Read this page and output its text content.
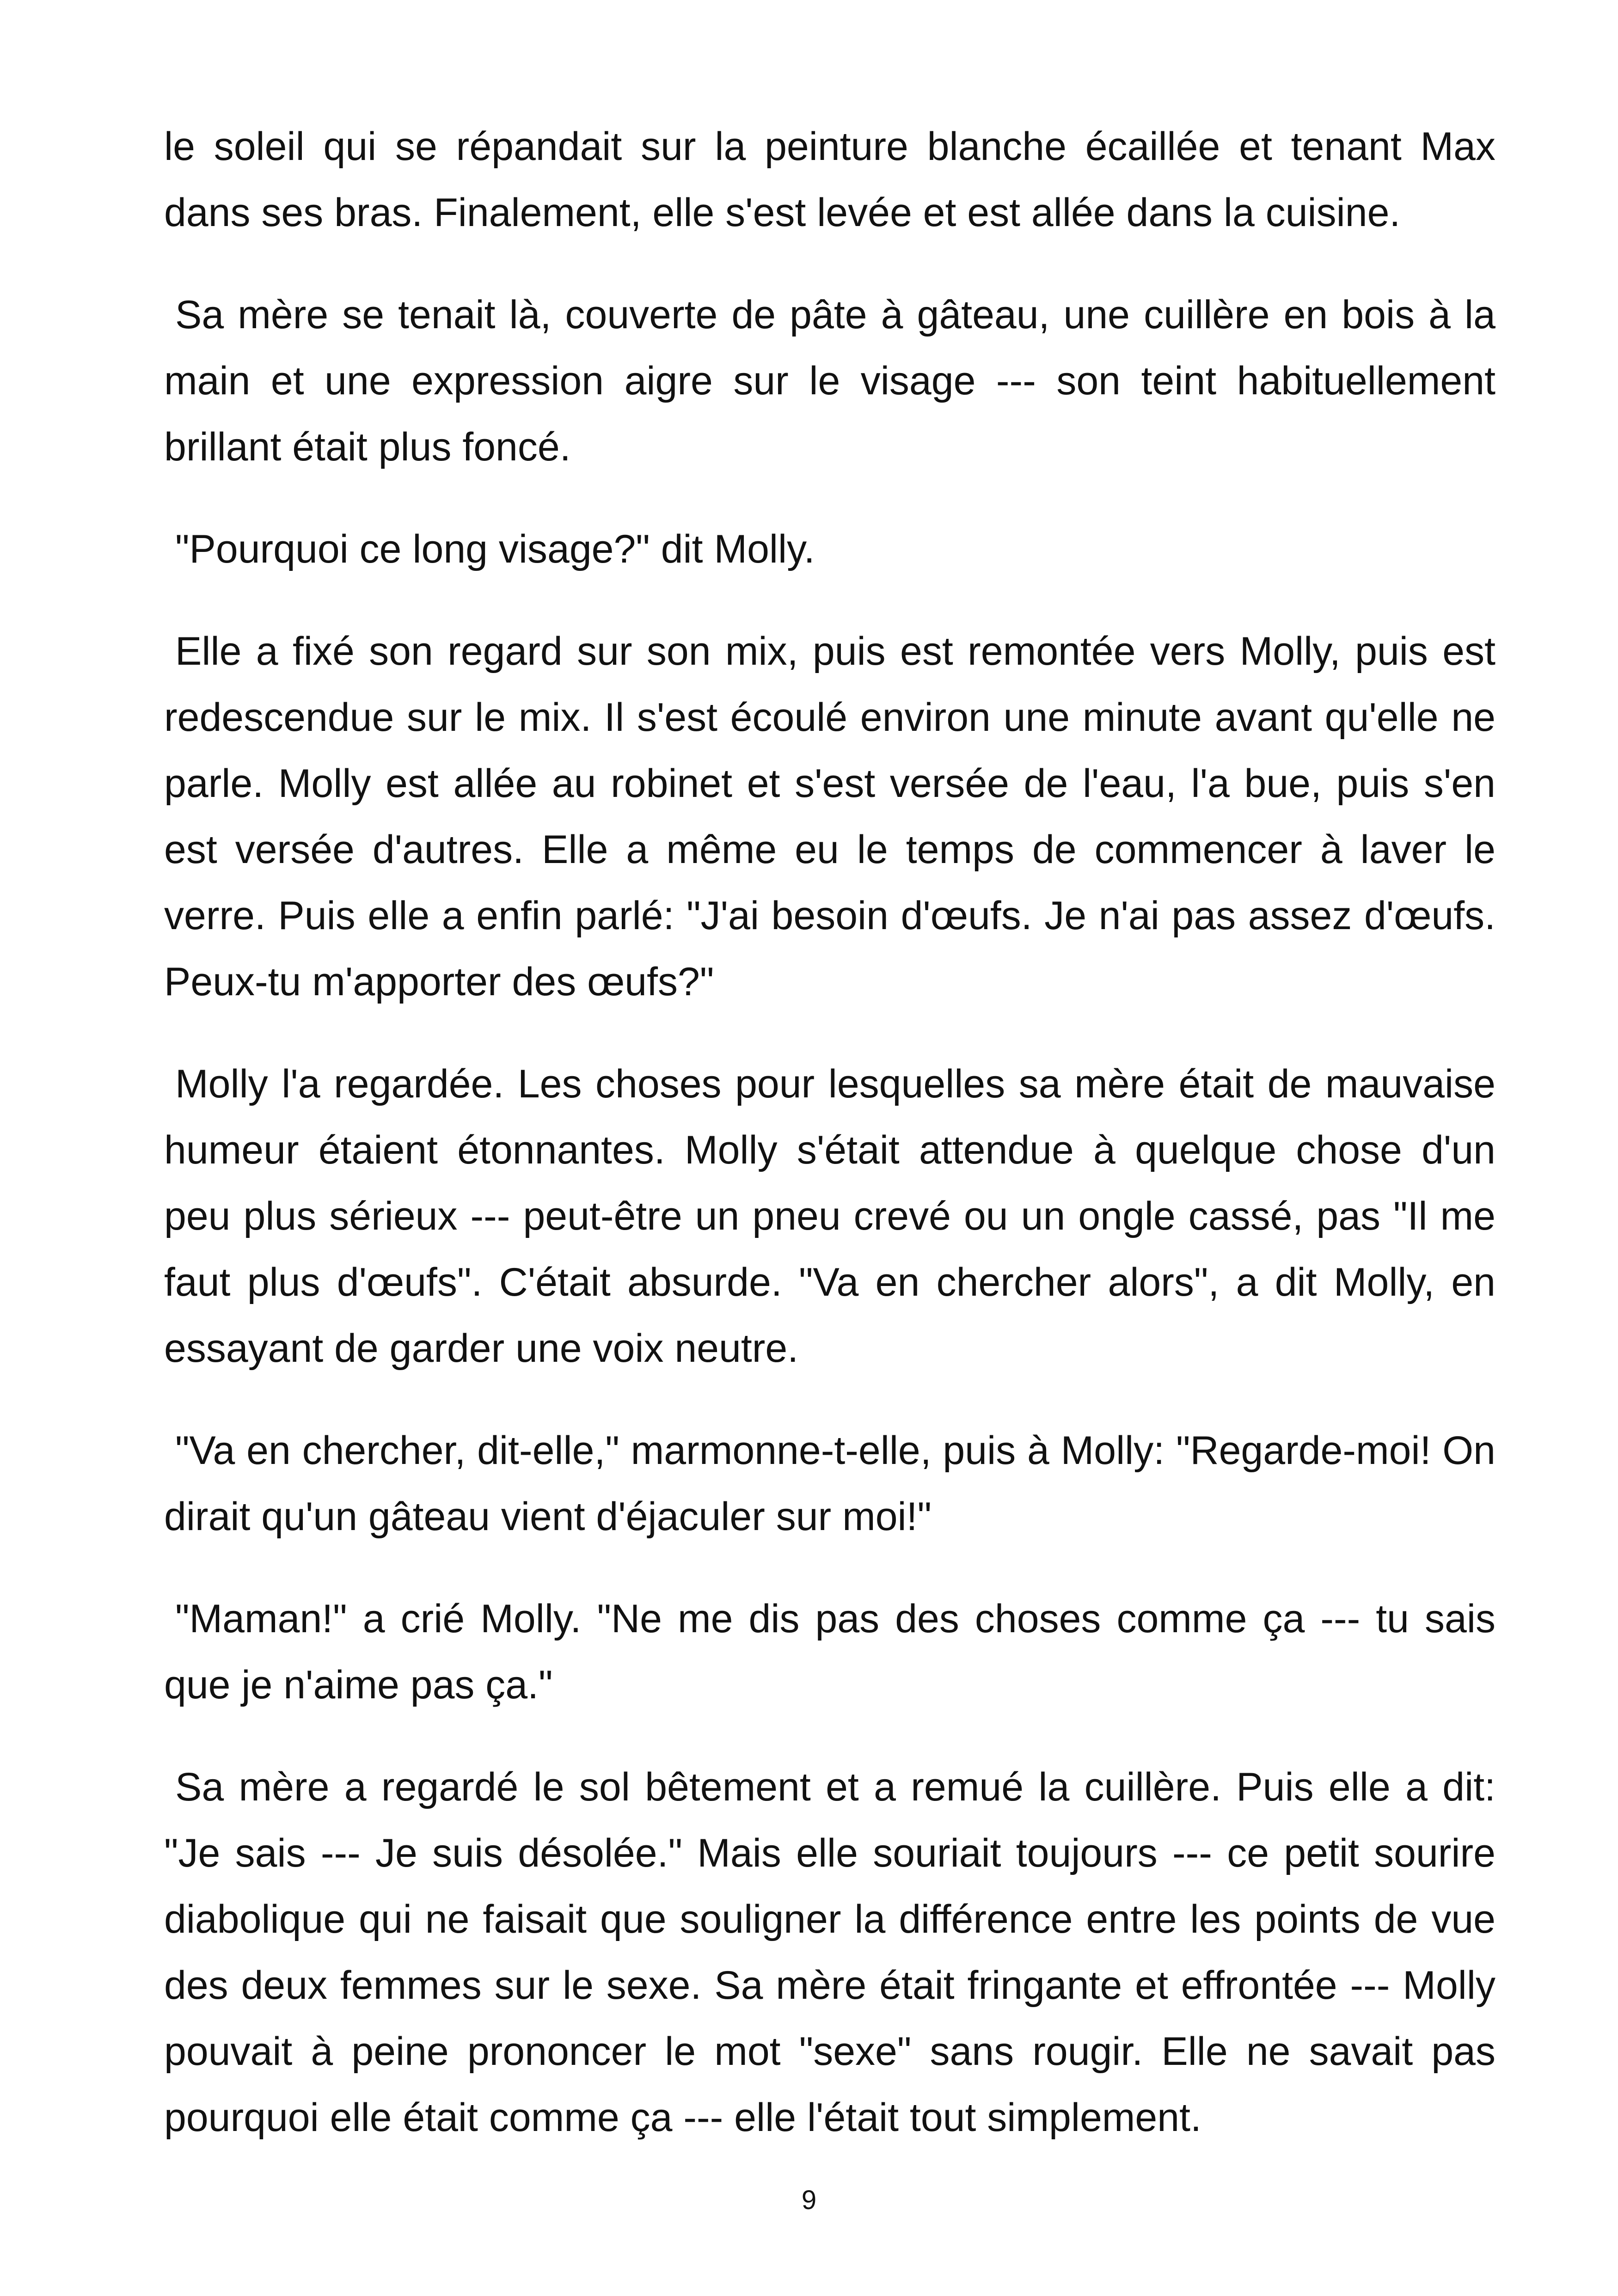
le soleil qui se répandait sur la peinture blanche écaillée et tenant Max dans ses bras. Finalement, elle s'est levée et est allée dans la cuisine.

Sa mère se tenait là, couverte de pâte à gâteau, une cuillère en bois à la main et une expression aigre sur le visage --- son teint habituellement brillant était plus foncé.

"Pourquoi ce long visage?" dit Molly.

Elle a fixé son regard sur son mix, puis est remontée vers Molly, puis est redescendue sur le mix. Il s'est écoulé environ une minute avant qu'elle ne parle. Molly est allée au robinet et s'est versée de l'eau, l'a bue, puis s'en est versée d'autres. Elle a même eu le temps de commencer à laver le verre. Puis elle a enfin parlé: "J'ai besoin d'œufs. Je n'ai pas assez d'œufs. Peux-tu m'apporter des œufs?"

Molly l'a regardée. Les choses pour lesquelles sa mère était de mauvaise humeur étaient étonnantes. Molly s'était attendue à quelque chose d'un peu plus sérieux --- peut-être un pneu crevé ou un ongle cassé, pas "Il me faut plus d'œufs". C'était absurde. "Va en chercher alors", a dit Molly, en essayant de garder une voix neutre.

"Va en chercher, dit-elle," marmonne-t-elle, puis à Molly: "Regarde-moi! On dirait qu'un gâteau vient d'éjaculer sur moi!"

"Maman!" a crié Molly. "Ne me dis pas des choses comme ça --- tu sais que je n'aime pas ça."

Sa mère a regardé le sol bêtement et a remué la cuillère. Puis elle a dit: "Je sais --- Je suis désolée." Mais elle souriait toujours --- ce petit sourire diabolique qui ne faisait que souligner la différence entre les points de vue des deux femmes sur le sexe. Sa mère était fringante et effrontée --- Molly pouvait à peine prononcer le mot "sexe" sans rougir. Elle ne savait pas pourquoi elle était comme ça --- elle l'était tout simplement.

9
